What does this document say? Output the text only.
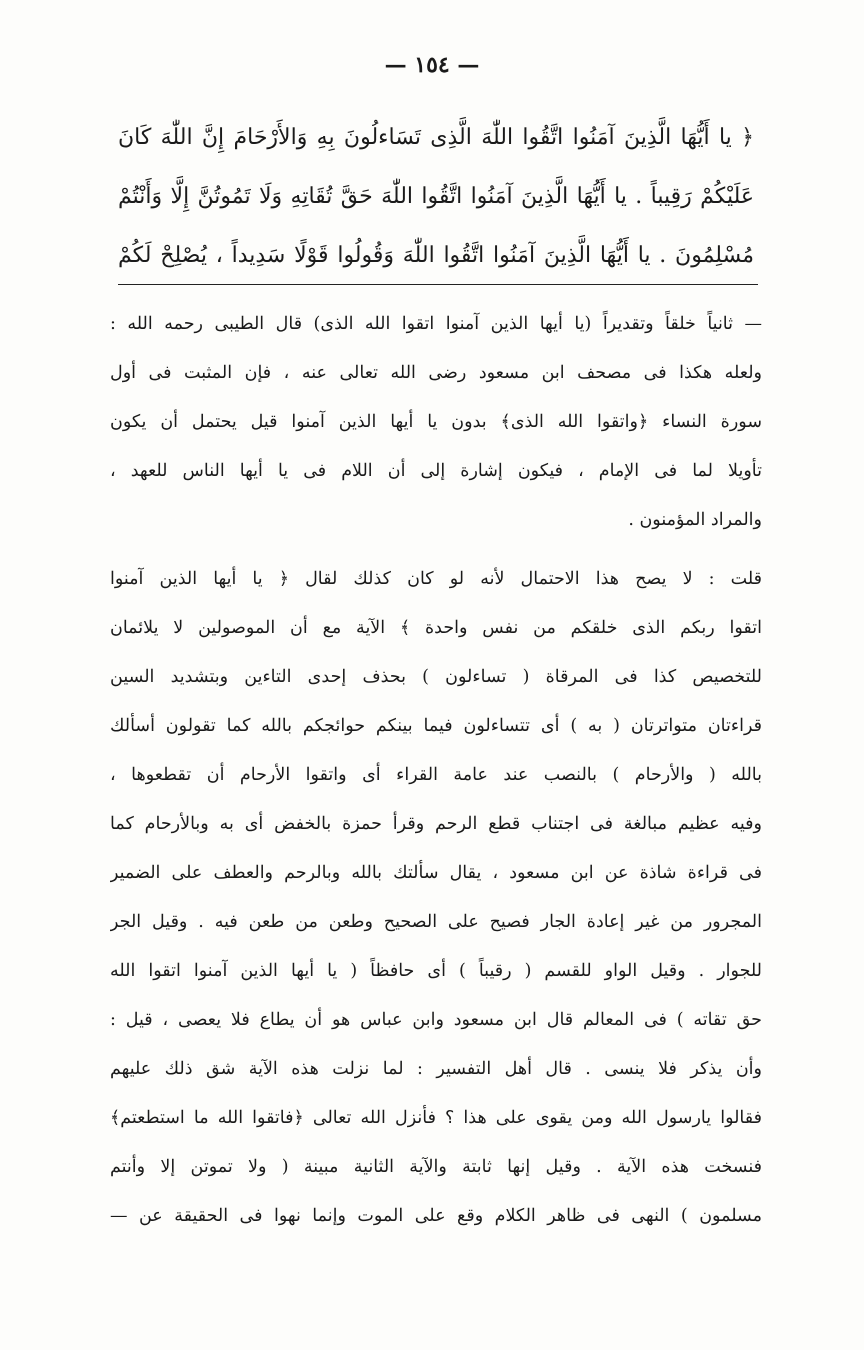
— ١٥٤ —
﴿ يا أَيُّهَا الَّذِينَ آمَنُوا اتَّقُوا اللّٰهَ الَّذِى تَسَاءلُونَ بِهِ وَالأَرْحَامَ إِنَّ اللّٰهَ كَانَ
عَلَيْكُمْ رَقِيباً . يا أَيُّهَا الَّذِينَ آمَنُوا اتَّقُوا اللّٰهَ حَقَّ تُقَاتِهِ وَلَا تَمُوتُنَّ إِلَّا وَأَنْتُمْ
مُسْلِمُونَ . يا أَيُّهَا الَّذِينَ آمَنُوا اتَّقُوا اللّٰهَ وَقُولُوا قَوْلًا سَدِيداً ، يُصْلِحْ لَكُمْ
— ثانياً خلقاً وتقديراً (يا أيها الذين آمنوا اتقوا الله الذى) قال الطيبى رحمه الله :
ولعله هكذا فى مصحف ابن مسعود رضى الله تعالى عنه ، فإن المثبت فى أول
سورة النساء ﴿واتقوا الله الذى﴾ بدون يا أيها الذين آمنوا قيل يحتمل أن يكون
تأويلا لما فى الإمام ، فيكون إشارة إلى أن اللام فى يا أيها الناس للعهد ،
والمراد المؤمنون .
قلت : لا يصح هذا الاحتمال لأنه لو كان كذلك لقال ﴿ يا أيها الذين آمنوا
اتقوا ربكم الذى خلقكم من نفس واحدة ﴾ الآية مع أن الموصولين لا يلائمان
للتخصيص كذا فى المرقاة ( تساءلون ) بحذف إحدى التاءين وبتشديد السين
قراءتان متواترتان ( به ) أى تتساءلون فيما بينكم حوائجكم بالله كما تقولون أسألك
بالله ( والأرحام ) بالنصب عند عامة القراء أى واتقوا الأرحام أن تقطعوها ،
وفيه عظيم مبالغة فى اجتناب قطع الرحم وقرأ حمزة بالخفض أى به وبالأرحام كما
فى قراءة شاذة عن ابن مسعود ، يقال سألتك بالله وبالرحم والعطف على الضمير
المجرور من غير إعادة الجار فصيح على الصحيح وطعن من طعن فيه . وقيل الجر
للجوار . وقيل الواو للقسم ( رقيباً ) أى حافظاً ( يا أيها الذين آمنوا اتقوا الله
حق تقاته ) فى المعالم قال ابن مسعود وابن عباس هو أن يطاع فلا يعصى ، قيل :
وأن يذكر فلا ينسى . قال أهل التفسير : لما نزلت هذه الآية شق ذلك عليهم
فقالوا يارسول الله ومن يقوى على هذا ؟ فأنزل الله تعالى ﴿فاتقوا الله ما استطعتم﴾
فنسخت هذه الآية . وقيل إنها ثابتة والآية الثانية مبينة ( ولا تموتن إلا وأنتم
مسلمون ) النهى فى ظاهر الكلام وقع على الموت وإنما نهوا فى الحقيقة عن —
